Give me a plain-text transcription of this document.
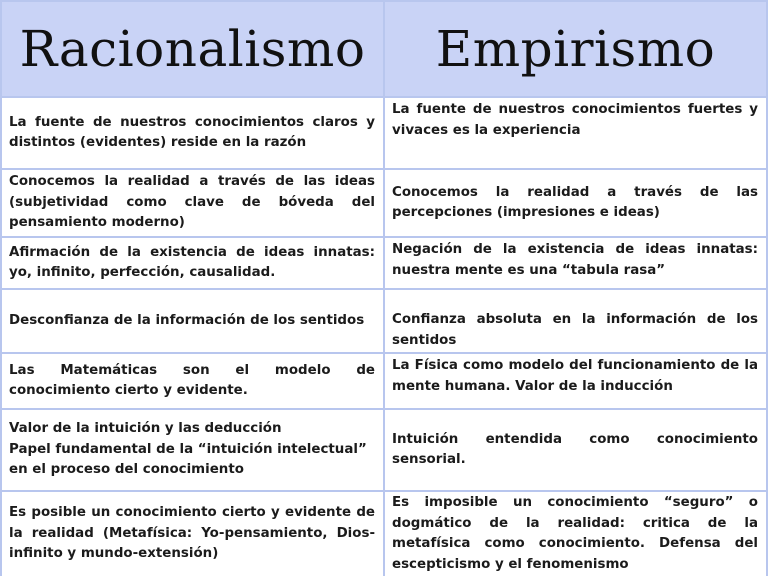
Racionalismo	Empirismo
La fuente de nuestros conocimientos claros y distintos (evidentes) reside en la razón
La fuente de nuestros conocimientos fuertes y vivaces es la experiencia
Conocemos la realidad a través de las ideas (subjetividad como clave de bóveda del pensamiento moderno)
Conocemos la realidad a través de las percepciones (impresiones e ideas)
Afirmación de la existencia de ideas innatas: yo, infinito, perfección, causalidad.
Negación de la existencia de ideas innatas: nuestra mente es una “tabula rasa”
Desconfianza de la información de los sentidos	Confianza absoluta en la información de los sentidos
Las Matemáticas son el modelo de conocimiento cierto y evidente.
La Física como modelo del funcionamiento de la mente humana. Valor de la inducción
Valor de la intuición y las deducción
Papel fundamental de la “intuición intelectual” en el proceso del conocimiento
Intuición entendida como conocimiento sensorial.
Es posible un conocimiento cierto y evidente de la realidad (Metafísica: Yo-pensamiento, Dios-infinito y mundo-extensión)
Es imposible un conocimiento “seguro” o dogmático de la realidad: critica de la metafísica como conocimiento. Defensa del escepticismo y el fenomenismo
